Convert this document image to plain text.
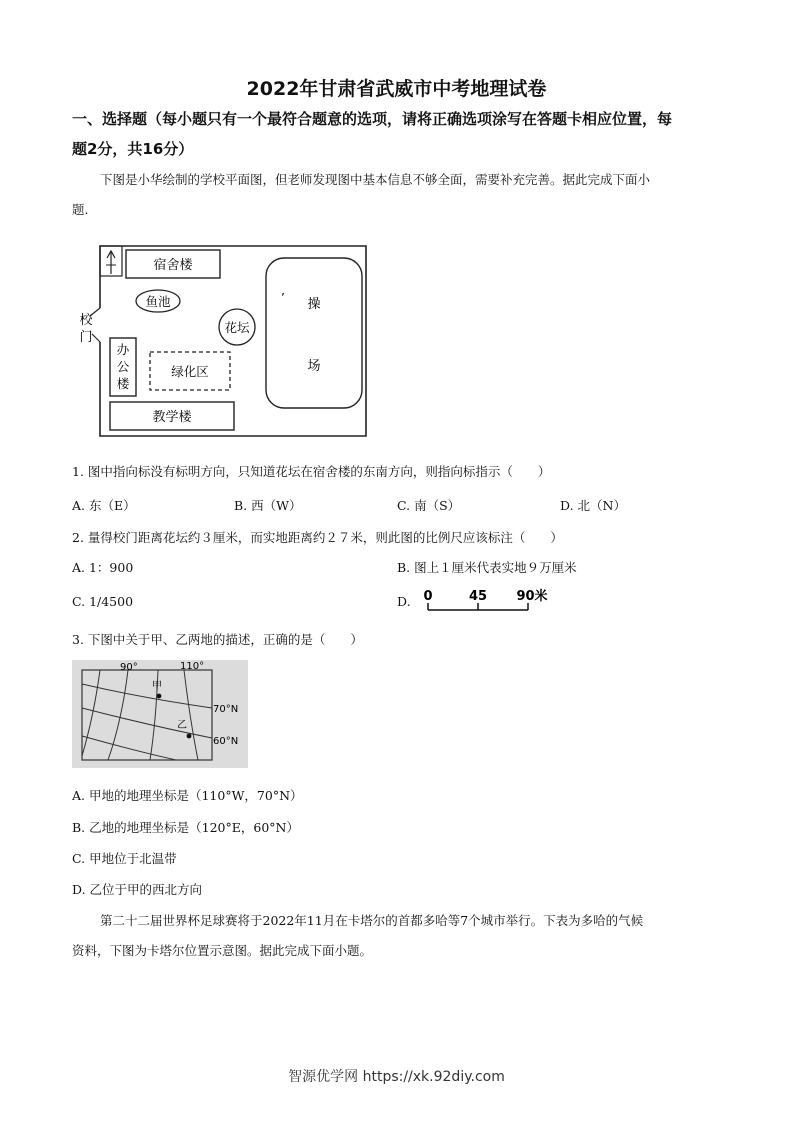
2022年甘肃省武威市中考地理试卷
一、选择题（每小题只有一个最符合题意的选项，请将正确选项涂写在答题卡相应位置，每
题2分，共16分）
下图是小华绘制的学校平面图，但老师发现图中基本信息不够全面，需要补充完善。据此完成下面小
题.
校
门
宿舍楼
鱼池
花坛
操
场
’
办
公
楼
绿化区
教学楼
1. 图中指向标没有标明方向，只知道花坛在宿舍楼的东南方向，则指向标指示（　　）
A. 东（E）	B. 西（W）	C. 南（S）	D. 北（N）
2. 量得校门距离花坛约３厘米，而实地距离约２７米，则此图的比例尺应该标注（　　）
A. 1：900	B. 图上１厘米代表实地９万厘米
C. 1/4500	D. 0	45 90米
3. 下图中关于甲、乙两地的描述，正确的是（　　）
甲
乙
90°	110°
70°N
60°N
A. 甲地的地理坐标是（110°W，70°N）
B. 乙地的地理坐标是（120°E，60°N）
C. 甲地位于北温带
D. 乙位于甲的西北方向
第二十二届世界杯足球赛将于2022年11月在卡塔尔的首都多哈等7个城市举行。下表为多哈的气候
资料，下图为卡塔尔位置示意图。据此完成下面小题。
智源优学网 https://xk.92diy.com
